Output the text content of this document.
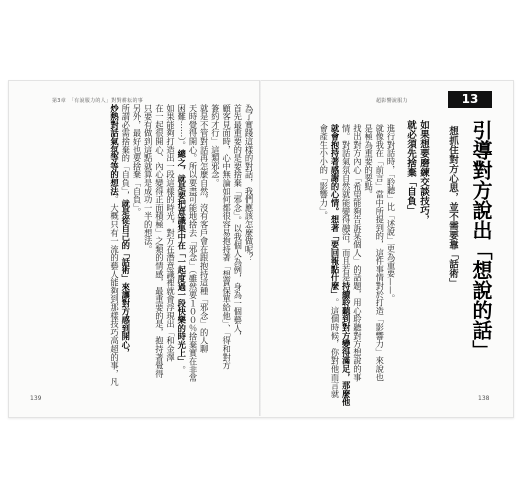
第3章　「有說服力的人」對對耕耘的事
139
為了實踐這樣的對話，我們應該怎麼做呢？
首先最重要的是要捨棄「邪念」。以我個人為例，身為一個藝人，
顧客見面時，心中無論如何都很容易抱持著「想賣保單給他」、「得和對方
簽約才行」這類邪念。
就是不管對話再怎麼自然，沒有客戶會在跟抱持這種「邪念」的人聊
天時覺得開心。所以要盡可能地捨去「邪念」（雖然要１００％捨棄實在非常
困難⋯⋯）。總之，就是要把意識集中在「一起度過一段快樂的時光上」。
如果能夠打造出一段這樣的時光，對方在潛意識裡就會浮現出「和金澤
在一起很開心、內心變得正面積極」之類的情感，最重要的是，抱持著覺得
只要有做到這點就算是成功一半的想法。
另外，最好也要捨棄「自負」。
所謂必需捨棄的「自負」，就是從自己的「話術」來讓對方感到開心，
炒熱對話氣氛等等的想法。大概只有一流的藝人能夠到那樣技巧高超的事，凡
超影響說服力
138
13
引導對方說出「想說的話」
想抓住對方心思，並不需要靠「話術」
如果想要磨練交談技巧，
就必須先捨棄「自負」
進行對話時，「聆聽」比「述說」更為重要——。
就像我在「前言」當中所提到的，這件事情對於打造「影響力」來說也
是極為重要的要點。
找出對方內心「希望能夠告訴某個人」的話題，用心聆聽對方想說的事
情。對話氣氛自然就能變得融洽，而且若是持續聆聽到對方變得滿足，那麼他
就會抱持著感謝的心情。想著「要回報點什麼」。這個時候，你對他而言就
會產生小小的「影響力」。
